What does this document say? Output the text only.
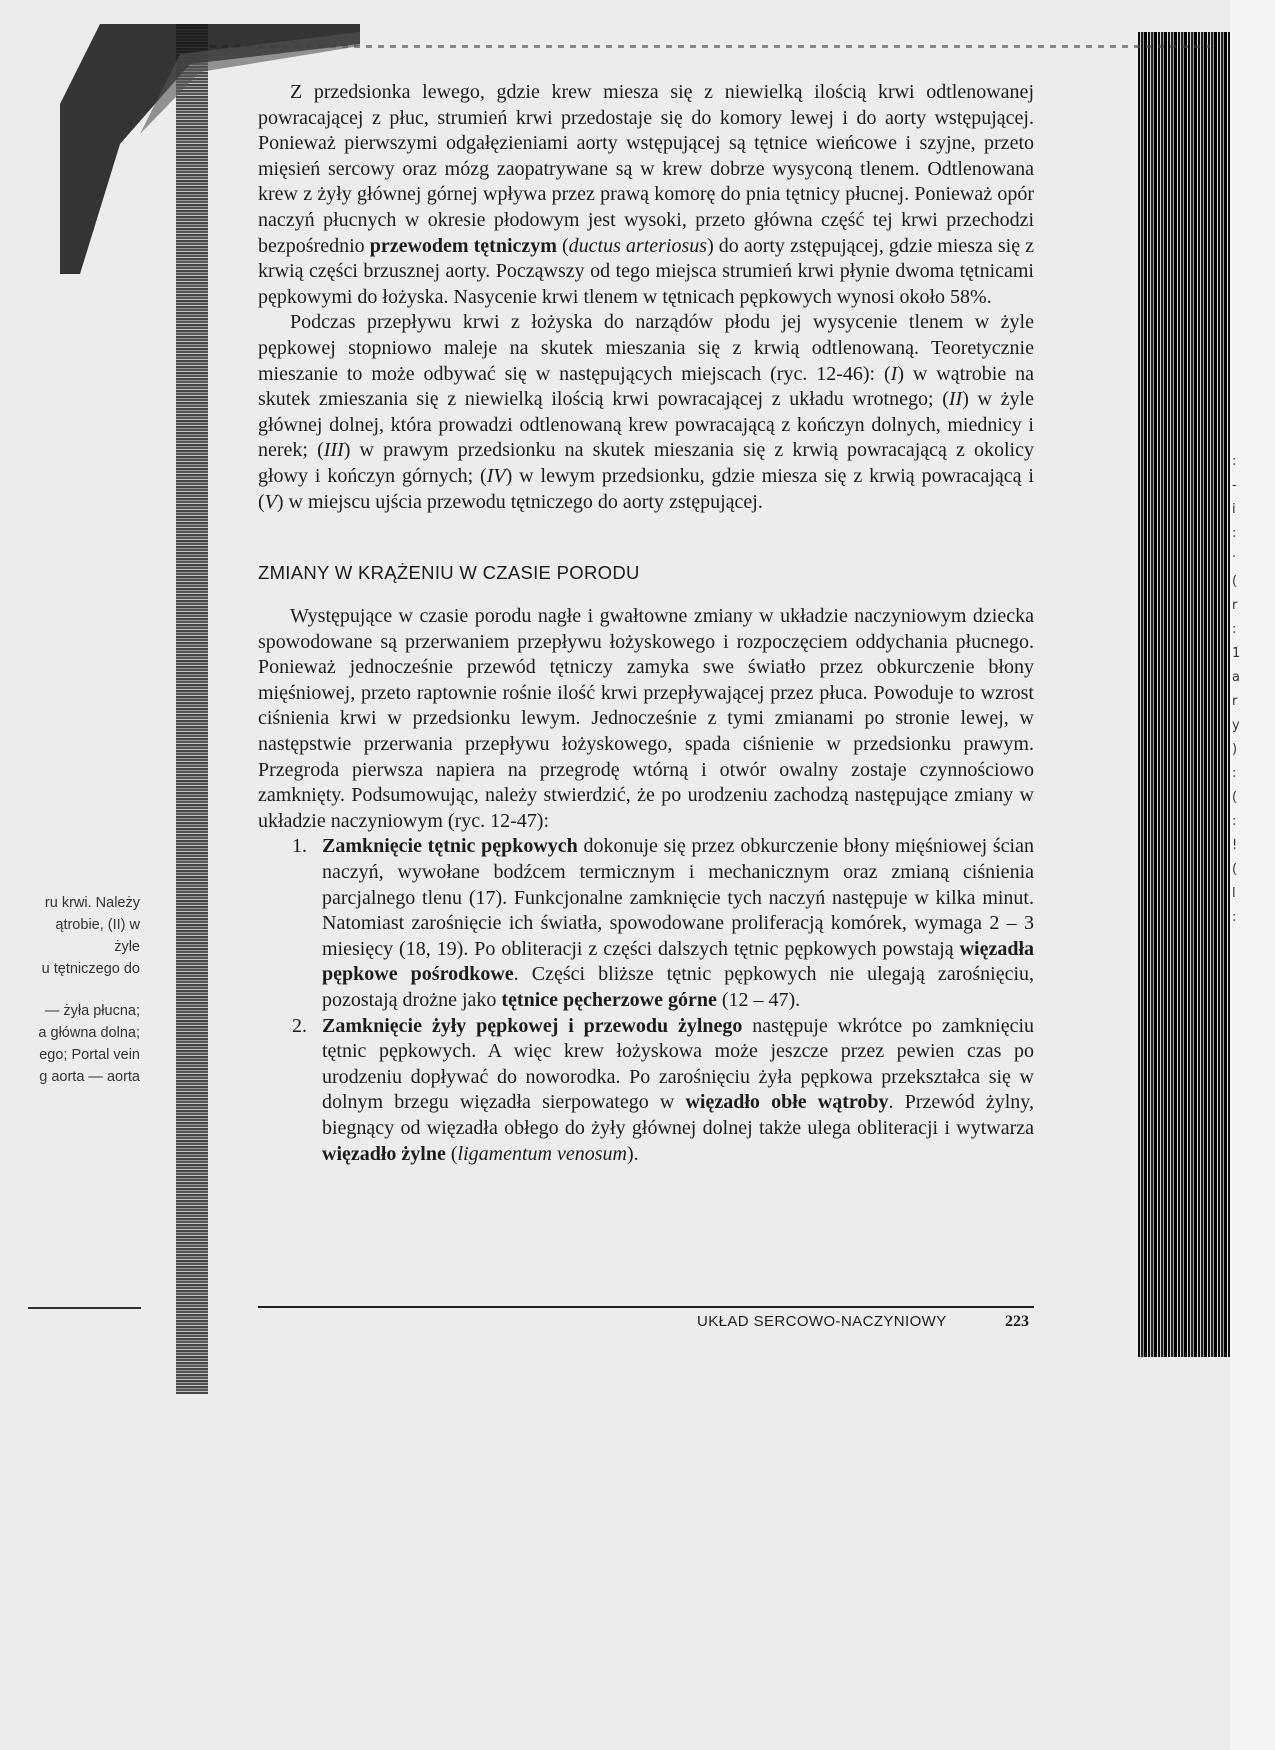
:
-
i
:
·
(
r
:
1
a
r
y
)
:
(
:
!
(
l
:
ru krwi. Należy
ątrobie, (II) w żyle
u tętniczego do
— żyła płucna;
a główna dolna;
ego; Portal vein
g aorta — aorta

Z przedsionka lewego, gdzie krew miesza się z niewielką ilością krwi odtlenowanej powracającej z płuc, strumień krwi przedostaje się do komory lewej i do aorty wstępującej. Ponieważ pierwszymi odgałęzieniami aorty wstępującej są tętnice wieńcowe i szyjne, przeto mięsień sercowy oraz mózg zaopatrywane są w krew dobrze wysyconą tlenem. Odtlenowana krew z żyły głównej górnej wpływa przez prawą komorę do pnia tętnicy płucnej. Ponieważ opór naczyń płucnych w okresie płodowym jest wysoki, przeto główna część tej krwi przechodzi bezpośrednio przewodem tętniczym (ductus arteriosus) do aorty zstępującej, gdzie miesza się z krwią części brzusznej aorty. Począwszy od tego miejsca strumień krwi płynie dwoma tętnicami pępkowymi do łożyska. Nasycenie krwi tlenem w tętnicach pępkowych wynosi około 58%.

Podczas przepływu krwi z łożyska do narządów płodu jej wysycenie tlenem w żyle pępkowej stopniowo maleje na skutek mieszania się z krwią odtlenowaną. Teoretycznie mieszanie to może odbywać się w następujących miejscach (ryc. 12-46): (I) w wątrobie na skutek zmieszania się z niewielką ilością krwi powracającej z układu wrotnego; (II) w żyle głównej dolnej, która prowadzi odtlenowaną krew powracającą z kończyn dolnych, miednicy i nerek; (III) w prawym przedsionku na skutek mieszania się z krwią powracającą z okolicy głowy i kończyn górnych; (IV) w lewym przedsionku, gdzie miesza się z krwią powracającą i (V) w miejscu ujścia przewodu tętniczego do aorty zstępującej.

ZMIANY W KRĄŻENIU W CZASIE PORODU

Występujące w czasie porodu nagłe i gwałtowne zmiany w układzie naczyniowym dziecka spowodowane są przerwaniem przepływu łożyskowego i rozpoczęciem oddychania płucnego. Ponieważ jednocześnie przewód tętniczy zamyka swe światło przez obkurczenie błony mięśniowej, przeto raptownie rośnie ilość krwi przepływającej przez płuca. Powoduje to wzrost ciśnienia krwi w przedsionku lewym. Jednocześnie z tymi zmianami po stronie lewej, w następstwie przerwania przepływu łożyskowego, spada ciśnienie w przedsionku prawym. Przegroda pierwsza napiera na przegrodę wtórną i otwór owalny zostaje czynnościowo zamknięty. Podsumowując, należy stwierdzić, że po urodzeniu zachodzą następujące zmiany w układzie naczyniowym (ryc. 12-47):

1. Zamknięcie tętnic pępkowych dokonuje się przez obkurczenie błony mięśniowej ścian naczyń, wywołane bodźcem termicznym i mechanicznym oraz zmianą ciśnienia parcjalnego tlenu (17). Funkcjonalne zamknięcie tych naczyń następuje w kilka minut. Natomiast zarośnięcie ich światła, spowodowane proliferacją komórek, wymaga 2 – 3 miesięcy (18, 19). Po obliteracji z części dalszych tętnic pępkowych powstają więzadła pępkowe pośrodkowe. Części bliższe tętnic pępkowych nie ulegają zarośnięciu, pozostają drożne jako tętnice pęcherzowe górne (12 – 47).
2. Zamknięcie żyły pępkowej i przewodu żylnego następuje wkrótce po zamknięciu tętnic pępkowych. A więc krew łożyskowa może jeszcze przez pewien czas po urodzeniu dopływać do noworodka. Po zarośnięciu żyła pępkowa przekształca się w dolnym brzegu więzadła sierpowatego w więzadło obłe wątroby. Przewód żylny, biegnący od więzadła obłego do żyły głównej dolnej także ulega obliteracji i wytwarza więzadło żylne (ligamentum venosum).
UKŁAD SERCOWO-NACZYNIOWY	223
